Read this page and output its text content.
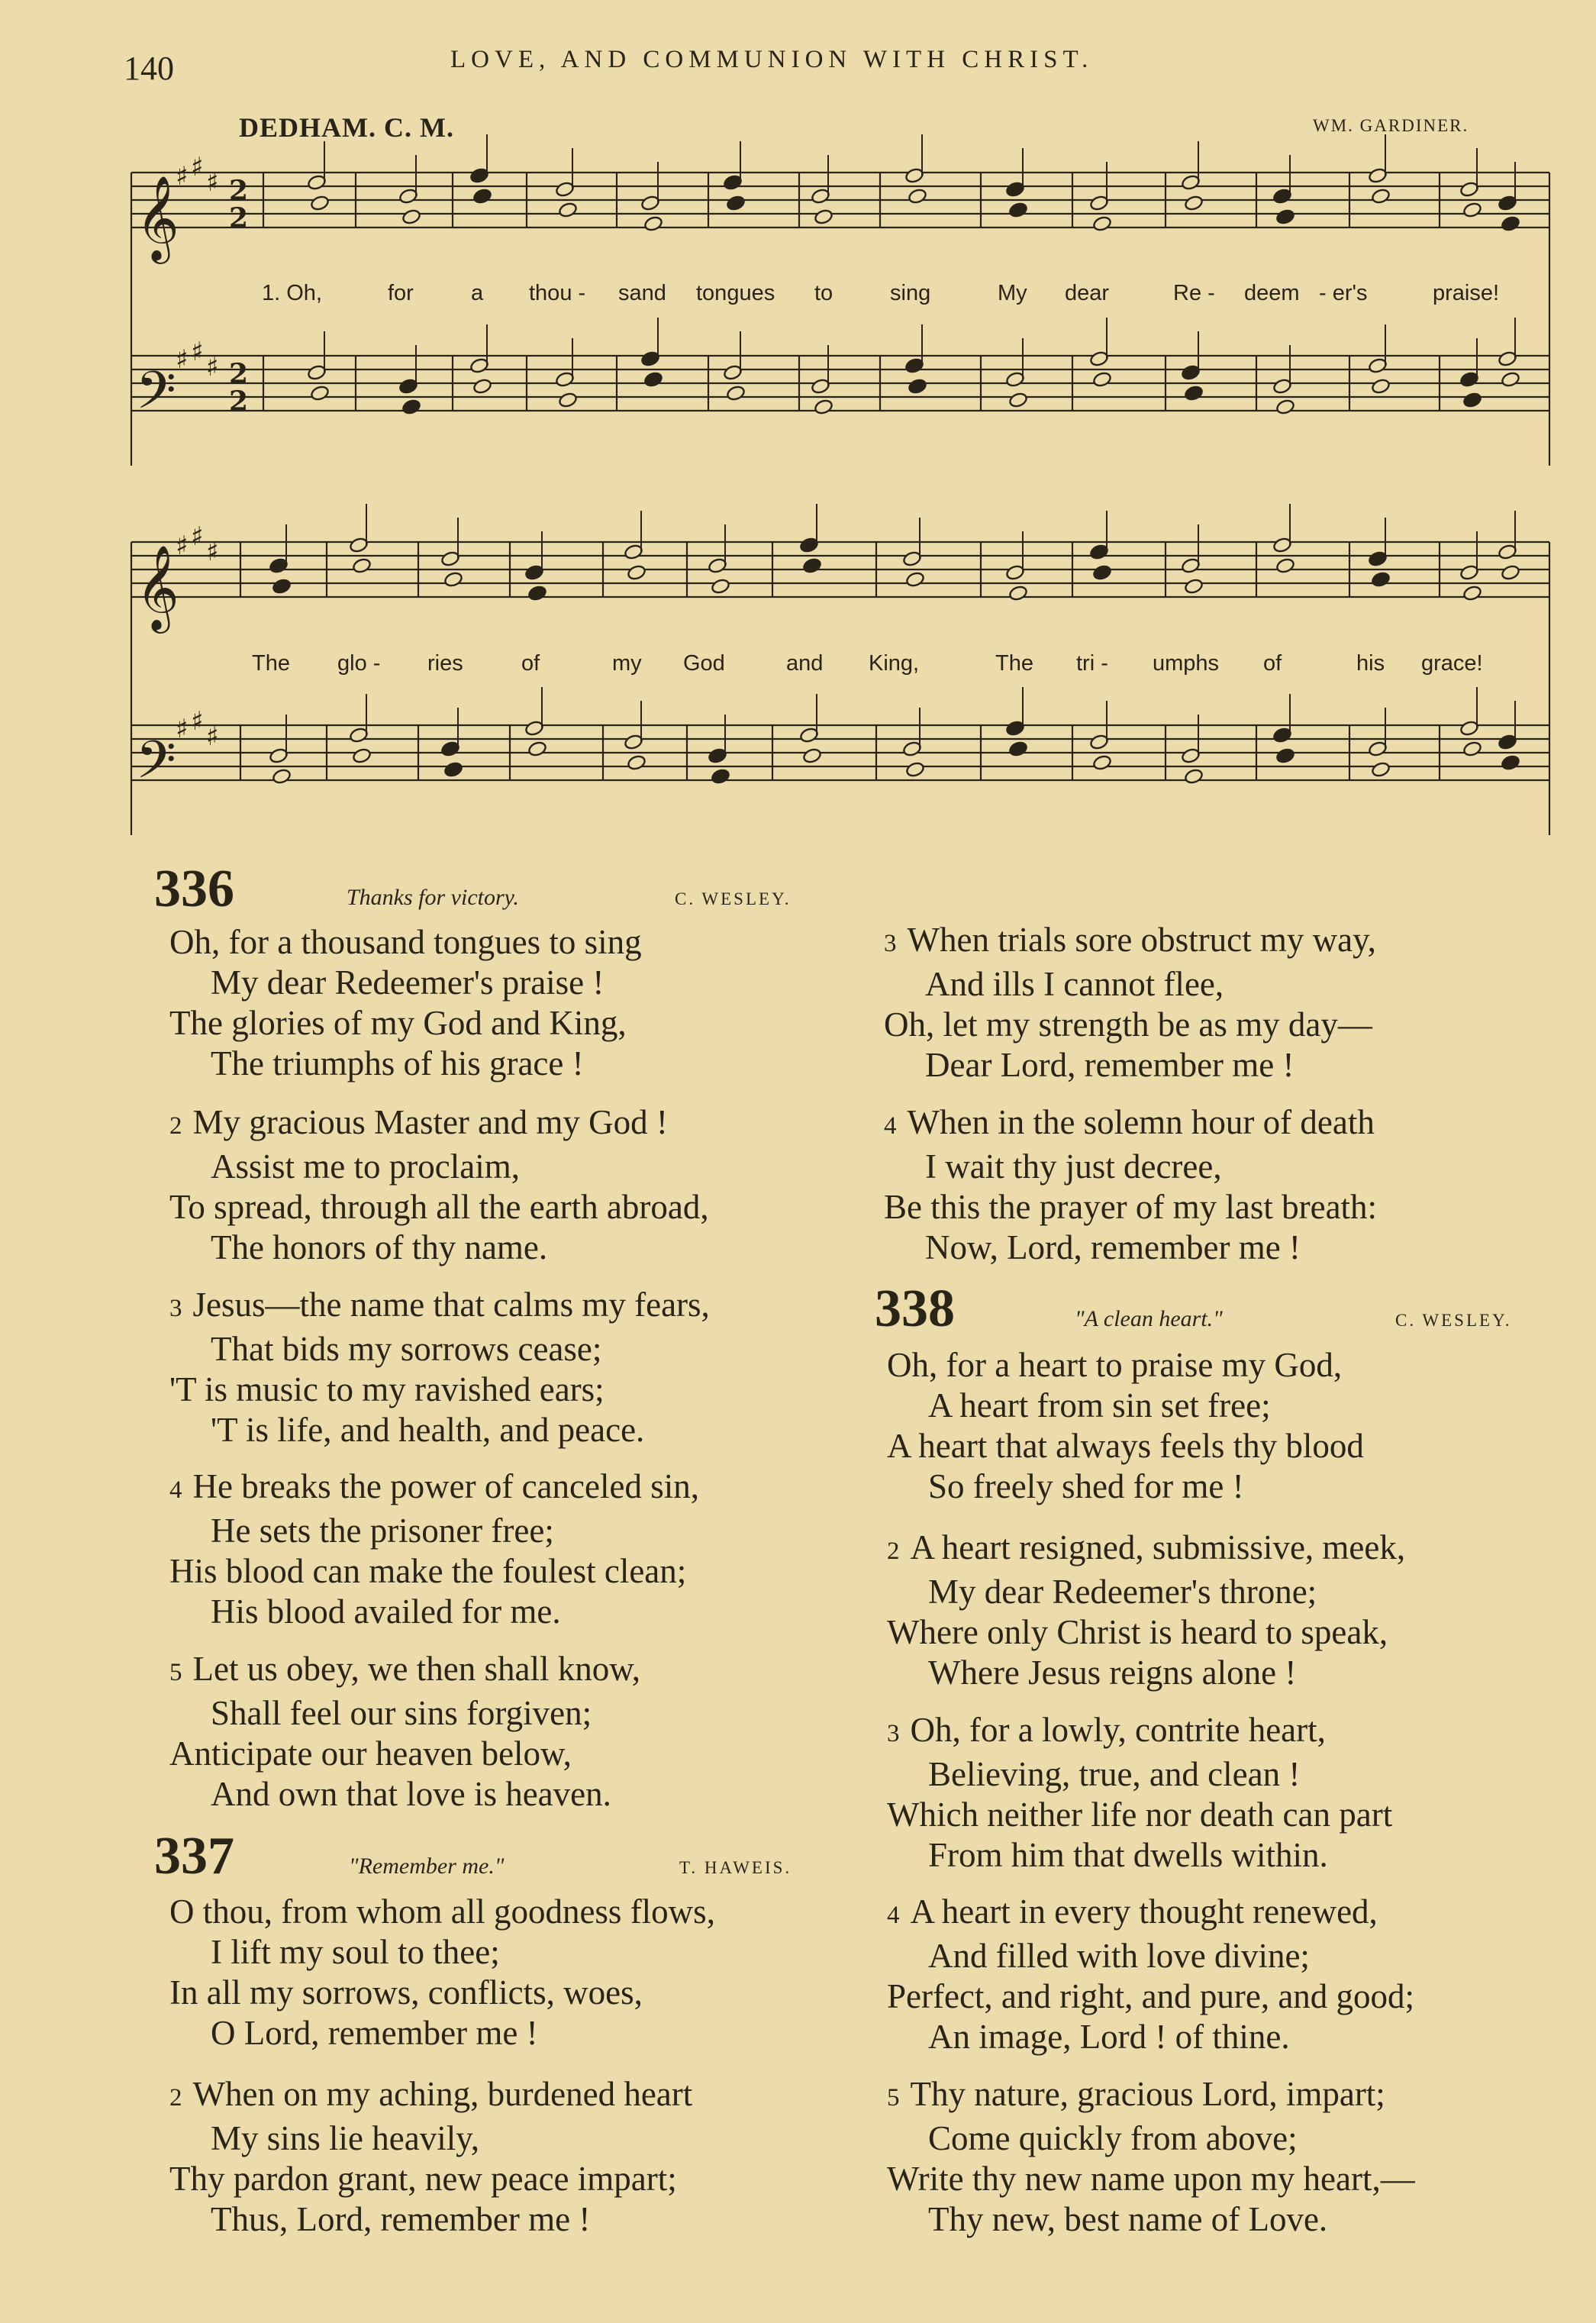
140	LOVE, AND COMMUNION WITH CHRIST.
DEDHAM. C. M.	WM. GARDINER.
𝄞
𝄢
𝄞
𝄢
♯ ♯ ♯
♯ ♯ ♯
♯ ♯ ♯
♯ ♯ ♯
2
2
2
2
1. Oh,	for	a thou - sand tongues to	sing	My dear	Re - deem - er's	praise!
The glo - ries	of	my God	and King,	The tri - umphs of	his grace!
336	Thanks for victory.	C. WESLEY.
Oh, for a thousand tongues to sing
My dear Redeemer's praise !
The glories of my God and King,
The triumphs of his grace !
2 My gracious Master and my God !
Assist me to proclaim,
To spread, through all the earth abroad,
The honors of thy name.
3 Jesus—the name that calms my fears,
That bids my sorrows cease;
'T is music to my ravished ears;
'T is life, and health, and peace.
4 He breaks the power of canceled sin,
He sets the prisoner free;
His blood can make the foulest clean;
His blood availed for me.
5 Let us obey, we then shall know,
Shall feel our sins forgiven;
Anticipate our heaven below,
And own that love is heaven.
337	"Remember me."	T. HAWEIS.
O thou, from whom all goodness flows,
I lift my soul to thee;
In all my sorrows, conflicts, woes,
O Lord, remember me !
2 When on my aching, burdened heart
My sins lie heavily,
Thy pardon grant, new peace impart;
Thus, Lord, remember me !
3 When trials sore obstruct my way,
And ills I cannot flee,
Oh, let my strength be as my day—
Dear Lord, remember me !
4 When in the solemn hour of death
I wait thy just decree,
Be this the prayer of my last breath:
Now, Lord, remember me !
338	"A clean heart."	C. WESLEY.
Oh, for a heart to praise my God,
A heart from sin set free;
A heart that always feels thy blood
So freely shed for me !
2 A heart resigned, submissive, meek,
My dear Redeemer's throne;
Where only Christ is heard to speak,
Where Jesus reigns alone !
3 Oh, for a lowly, contrite heart,
Believing, true, and clean !
Which neither life nor death can part
From him that dwells within.
4 A heart in every thought renewed,
And filled with love divine;
Perfect, and right, and pure, and good;
An image, Lord ! of thine.
5 Thy nature, gracious Lord, impart;
Come quickly from above;
Write thy new name upon my heart,—
Thy new, best name of Love.
